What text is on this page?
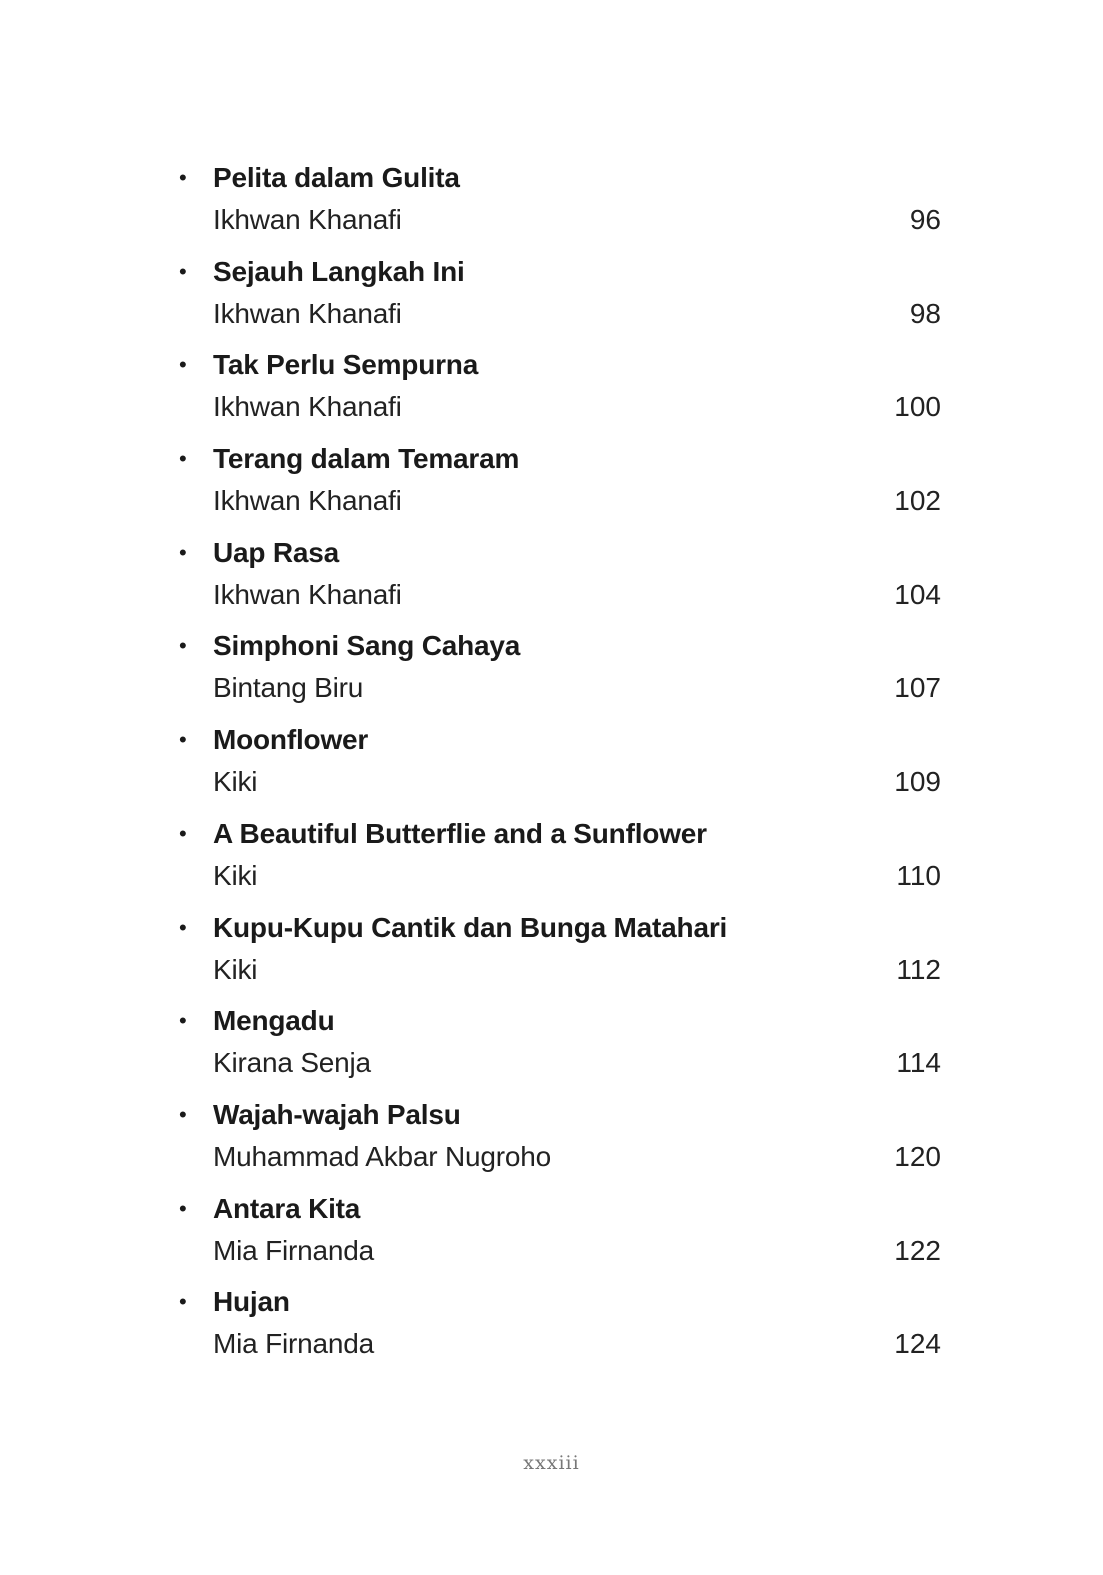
• Pelita dalam Gulita
Ikhwan Khanafi	96
• Sejauh Langkah Ini
Ikhwan Khanafi	98
• Tak Perlu Sempurna
Ikhwan Khanafi	100
• Terang dalam Temaram
Ikhwan Khanafi	102
• Uap Rasa
Ikhwan Khanafi	104
• Simphoni Sang Cahaya
Bintang Biru	107
• Moonflower
Kiki	109
• A Beautiful Butterflie and a Sunflower
Kiki	110
• Kupu-Kupu Cantik dan Bunga Matahari
Kiki	112
• Mengadu
Kirana Senja	114
• Wajah-wajah Palsu
Muhammad Akbar Nugroho	120
• Antara Kita
Mia Firnanda	122
• Hujan
Mia Firnanda	124
xxxiii
